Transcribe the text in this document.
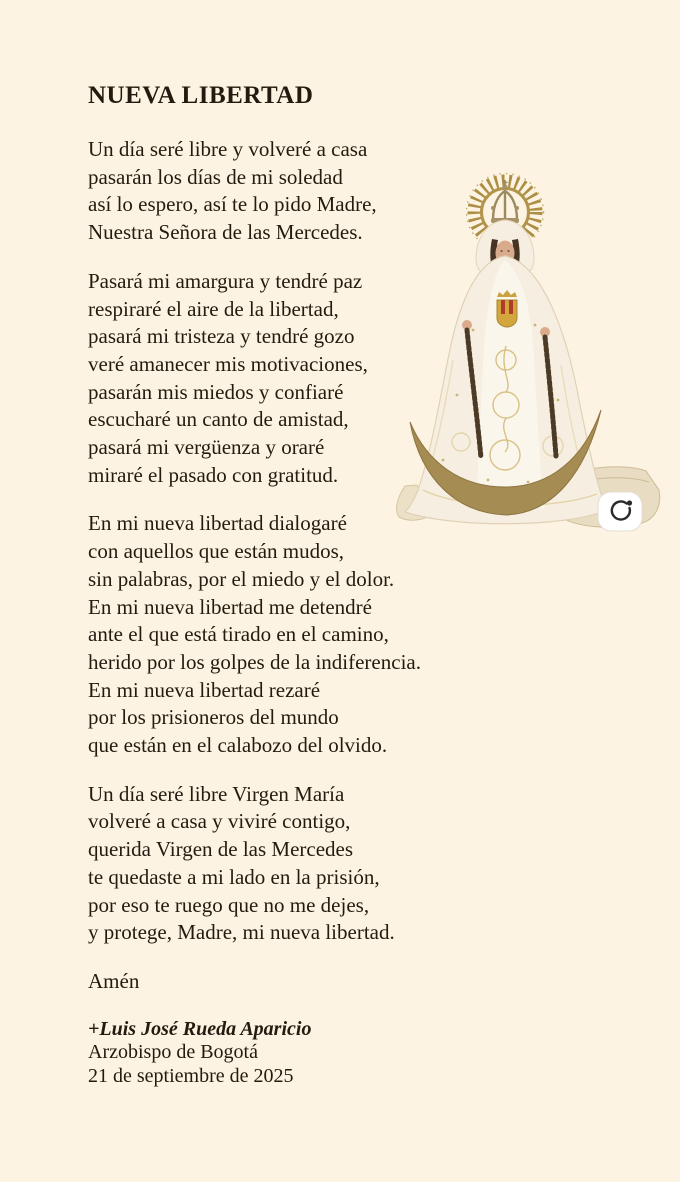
NUEVA LIBERTAD
Un día seré libre y volveré a casa
pasarán los días de mi soledad
así lo espero, así te lo pido Madre,
Nuestra Señora de las Mercedes.
Pasará mi amargura y tendré paz
respiraré el aire de la libertad,
pasará mi tristeza y tendré gozo
veré amanecer mis motivaciones,
pasarán mis miedos y confiaré
escucharé un canto de amistad,
pasará mi vergüenza y oraré
miraré el pasado con gratitud.
En mi nueva libertad dialogaré
con aquellos que están mudos,
sin palabras, por el miedo y el dolor.
En mi nueva libertad me detendré
ante el que está tirado en el camino,
herido por los golpes de la indiferencia.
En mi nueva libertad rezaré
por los prisioneros del mundo
que están en el calabozo del olvido.
Un día seré libre Virgen María
volveré a casa y viviré contigo,
querida Virgen de las Mercedes
te quedaste a mi lado en la prisión,
por eso te ruego que no me dejes,
y protege, Madre, mi nueva libertad.
Amén
+Luis José Rueda Aparicio
Arzobispo de Bogotá
21 de septiembre de 2025
